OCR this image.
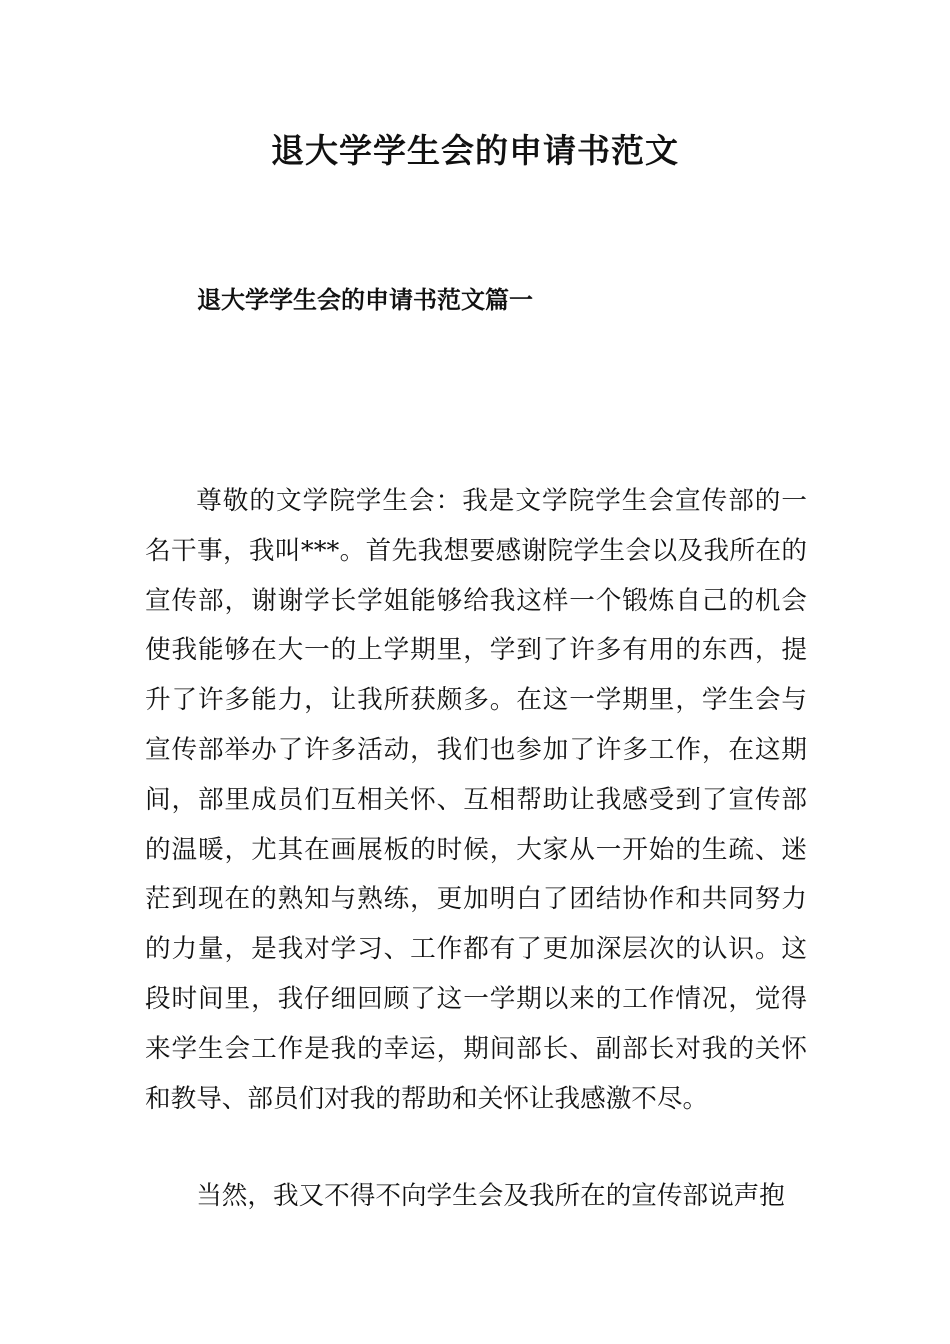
退大学学生会的申请书范文
退大学学生会的申请书范文篇一

尊敬的文学院学生会：我是文学院学生会宣传部的一名干事，我叫***。首先我想要感谢院学生会以及我所在的宣传部，谢谢学长学姐能够给我这样一个锻炼自己的机会使我能够在大一的上学期里，学到了许多有用的东西，提升了许多能力，让我所获颇多。在这一学期里，学生会与宣传部举办了许多活动，我们也参加了许多工作，在这期间，部里成员们互相关怀、互相帮助让我感受到了宣传部的温暖，尤其在画展板的时候，大家从一开始的生疏、迷茫到现在的熟知与熟练，更加明白了团结协作和共同努力的力量，是我对学习、工作都有了更加深层次的认识。这段时间里，我仔细回顾了这一学期以来的工作情况，觉得来学生会工作是我的幸运，期间部长、副部长对我的关怀和教导、部员们对我的帮助和关怀让我感激不尽。

当然，我又不得不向学生会及我所在的宣传部说声抱
